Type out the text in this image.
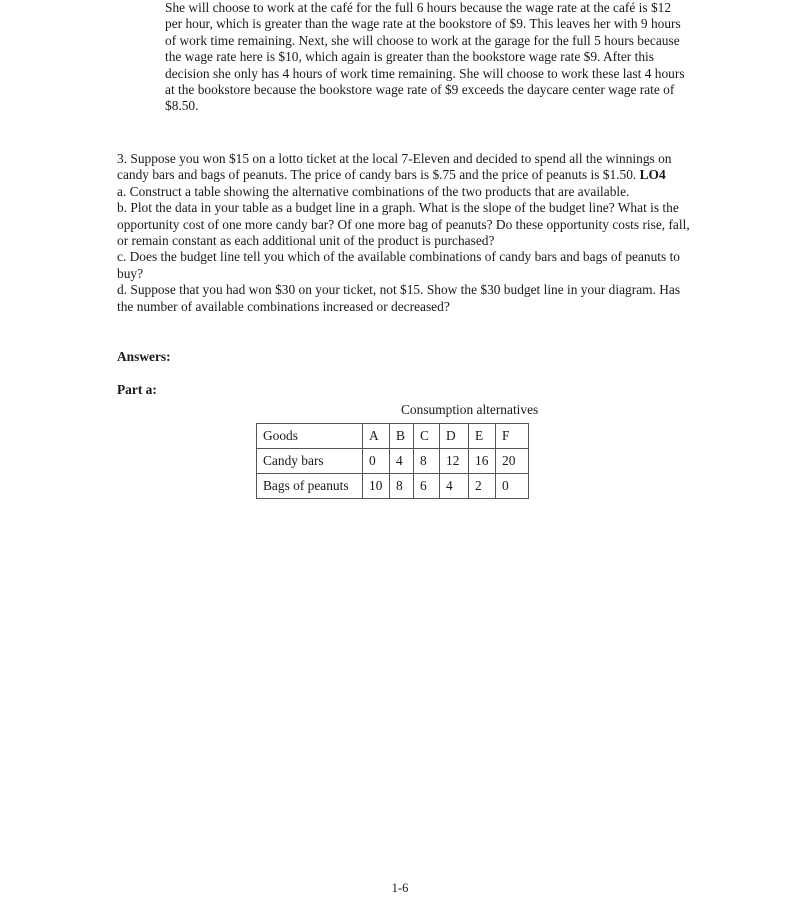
She will choose to work at the café for the full 6 hours because the wage rate at the café is $12 per hour, which is greater than the wage rate at the bookstore of $9. This leaves her with 9 hours of work time remaining. Next, she will choose to work at the garage for the full 5 hours because the wage rate here is $10, which again is greater than the bookstore wage rate $9. After this decision she only has 4 hours of work time remaining. She will choose to work these last 4 hours at the bookstore because the bookstore wage rate of $9 exceeds the daycare center wage rate of $8.50.

3. Suppose you won $15 on a lotto ticket at the local 7-Eleven and decided to spend all the winnings on candy bars and bags of peanuts. The price of candy bars is $.75 and the price of peanuts is $1.50. LO4
a. Construct a table showing the alternative combinations of the two products that are available.
b. Plot the data in your table as a budget line in a graph. What is the slope of the budget line? What is the opportunity cost of one more candy bar? Of one more bag of peanuts? Do these opportunity costs rise, fall, or remain constant as each additional unit of the product is purchased?
c. Does the budget line tell you which of the available combinations of candy bars and bags of peanuts to buy?
d. Suppose that you had won $30 on your ticket, not $15. Show the $30 budget line in your diagram. Has the number of available combinations increased or decreased?
Answers:
Part a:
Consumption alternatives
Goods	A	B	C	D	E	F
Candy bars	0	4	8	12	16	20
Bags of peanuts	10	8	6	4	2	0
1-6
